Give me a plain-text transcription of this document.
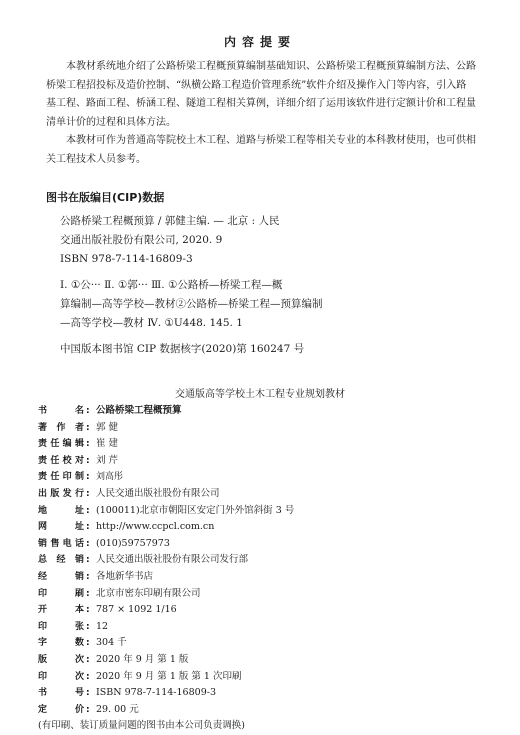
内容提要

本教材系统地介绍了公路桥梁工程概预算编制基础知识、公路桥梁工程概预算编制方法、公路桥梁工程招投标及造价控制、“纵横公路工程造价管理系统”软件介绍及操作入门等内容，引入路基工程、路面工程、桥涵工程、隧道工程相关算例，详细介绍了运用该软件进行定额计价和工程量清单计价的过程和具体方法。

本教材可作为普通高等院校土木工程、道路与桥梁工程等相关专业的本科教材使用，也可供相关工程技术人员参考。

图书在版编目(CIP)数据
公路桥梁工程概预算 / 郭健主编. — 北京 : 人民
交通出版社股份有限公司, 2020. 9
ISBN 978-7-114-16809-3
Ⅰ. ①公··· Ⅱ. ①郭··· Ⅲ. ①公路桥—桥梁工程—概
算编制—高等学校—教材②公路桥—桥梁工程—预算编制
—高等学校—教材 Ⅳ. ①U448. 145. 1
中国版本图书馆 CIP 数据核字(2020)第 160247 号
交通版高等学校土木工程专业规划教材
书名 : 公路桥梁工程概预算
著作者 : 郭 健
责任编辑 : 崔 建
责任校对 : 刘 芹
责任印制 : 刘高彤
出版发行 : 人民交通出版社股份有限公司
地址 : (100011)北京市朝阳区安定门外外馆斜街 3 号
网址 : http://www.ccpcl.com.cn
销售电话 : (010)59757973
总经销 : 人民交通出版社股份有限公司发行部
经销 : 各地新华书店
印刷 : 北京市密东印刷有限公司
开本 : 787 × 1092 1/16
印张 : 12
字数 : 304 千
版次 : 2020 年 9 月 第 1 版
印次 : 2020 年 9 月 第 1 版 第 1 次印刷
书号 : ISBN 978-7-114-16809-3
定价 : 29. 00 元
(有印刷、装订质量问题的图书由本公司负责调换)
